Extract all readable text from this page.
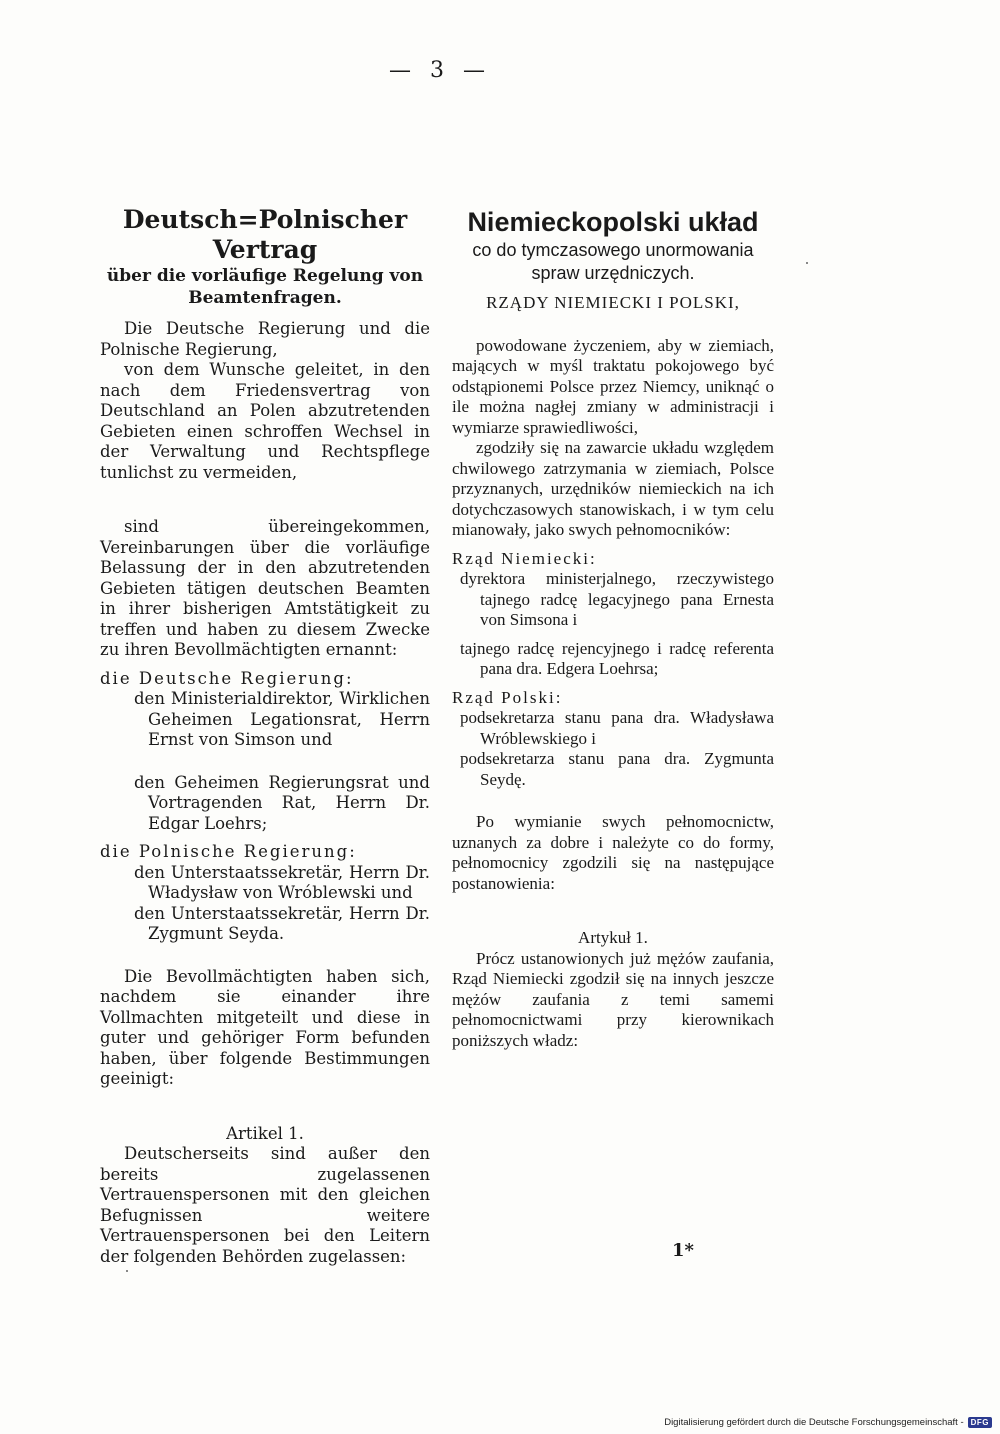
— 3 —
Deutsch=Polnischer Vertrag
über die vorläufige Regelung von
Beamtenfragen.

Die Deutsche Regierung und die Polnische Regierung,

von dem Wunsche geleitet, in den nach dem Friedensvertrag von Deutschland an Polen abzutretenden Gebieten einen schroffen Wechsel in der Verwaltung und Rechtspflege tunlichst zu vermeiden,

sind übereingekommen, Vereinbarungen über die vorläufige Belassung der in den abzutretenden Gebieten tätigen deutschen Beamten in ihrer bisherigen Amtstätigkeit zu treffen und haben zu diesem Zwecke zu ihren Bevollmächtigten ernannt:

die Deutsche Regierung:

den Ministerialdirektor, Wirklichen Geheimen Legationsrat, Herrn Ernst von Simson und

den Geheimen Regierungsrat und Vortragenden Rat, Herrn Dr. Edgar Loehrs;

die Polnische Regierung:

den Unterstaatssekretär, Herrn Dr. Władysław von Wróblewski und

den Unterstaatssekretär, Herrn Dr. Zygmunt Seyda.

Die Bevollmächtigten haben sich, nachdem sie einander ihre Vollmachten mitgeteilt und diese in guter und gehöriger Form befunden haben, über folgende Bestimmungen geeinigt:

Artikel 1.

Deutscherseits sind außer den bereits zugelassenen Vertrauenspersonen mit den gleichen Befugnissen weitere Vertrauenspersonen bei den Leitern der folgenden Behörden zugelassen:

Niemieckopolski układ
co do tymczasowego unormowania
spraw urzędniczych.

RZĄDY NIEMIECKI I POLSKI,

powodowane życzeniem, aby w ziemiach, mających w myśl traktatu pokojowego być odstąpionemi Polsce przez Niemcy, uniknąć o ile można nagłej zmiany w administracji i wymiarze sprawiedliwości,

zgodziły się na zawarcie układu względem chwilowego zatrzymania w ziemiach, Polsce przyznanych, urzędników niemieckich na ich dotychczasowych stanowiskach, i w tym celu mianowały, jako swych pełnomocników:

Rząd Niemiecki:

dyrektora ministerjalnego, rzeczywistego tajnego radcę legacyjnego pana Ernesta von Simsona i

tajnego radcę rejencyjnego i radcę referenta pana dra. Edgera Loehrsa;

Rząd Polski:

podsekretarza stanu pana dra. Władysława Wróblewskiego i

podsekretarza stanu pana dra. Zygmunta Seydę.

Po wymianie swych pełnomocnictw, uznanych za dobre i należyte co do formy, pełnomocnicy zgodzili się na następujące postanowienia:

Artykuł 1.

Prócz ustanowionych już mężów zaufania, Rząd Niemiecki zgodził się na innych jeszcze mężów zaufania z temi samemi pełnomocnictwami przy kierownikach poniższych władz:

1*
Digitalisierung gefördert durch die Deutsche Forschungsgemeinschaft - DFG
